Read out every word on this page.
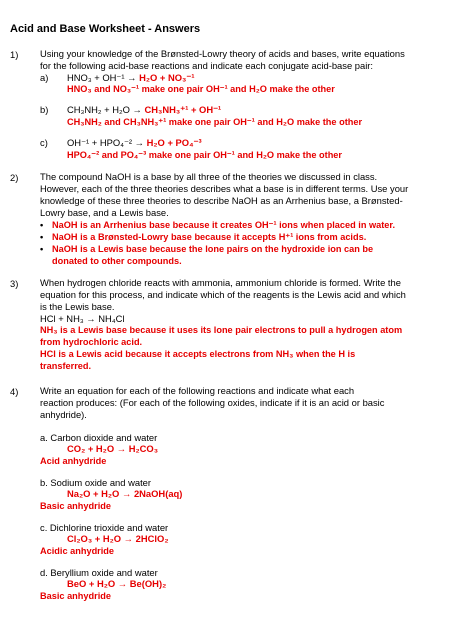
Acid and Base Worksheet - Answers
1) Using your knowledge of the Brønsted-Lowry theory of acids and bases, write equations
for the following acid-base reactions and indicate each conjugate acid-base pair:
a) HNO₃ + OH⁻¹ → H₂O + NO₃⁻¹
HNO₃ and NO₃⁻¹ make one pair OH⁻¹ and H₂O make the other
b) CH₃NH₂ + H₂O → CH₃NH₃⁺¹ + OH⁻¹
CH₃NH₂ and CH₃NH₃⁺¹ make one pair OH⁻¹ and H₂O make the other
c) OH⁻¹ + HPO₄⁻² → H₂O + PO₄⁻³
HPO₄⁻² and PO₄⁻³ make one pair OH⁻¹ and H₂O make the other
2) The compound NaOH is a base by all three of the theories we discussed in class.
However, each of the three theories describes what a base is in different terms. Use your
knowledge of these three theories to describe NaOH as an Arrhenius base, a Brønsted-
Lowry base, and a Lewis base.
• NaOH is an Arrhenius base because it creates OH⁻¹ ions when placed in water.
• NaOH is a Brønsted-Lowry base because it accepts H⁺¹ ions from acids.
• NaOH is a Lewis base because the lone pairs on the hydroxide ion can be
donated to other compounds.
3) When hydrogen chloride reacts with ammonia, ammonium chloride is formed. Write the
equation for this process, and indicate which of the reagents is the Lewis acid and which
is the Lewis base.
HCl + NH₃ → NH₄Cl
NH₃ is a Lewis base because it uses its lone pair electrons to pull a hydrogen atom
from hydrochloric acid.
HCl is a Lewis acid because it accepts electrons from NH₃ when the H is
transferred.
4) Write an equation for each of the following reactions and indicate what each
reaction produces: (For each of the following oxides, indicate if it is an acid or basic
anhydride).
a. Carbon dioxide and water
CO₂ + H₂O → H₂CO₃
Acid anhydride
b. Sodium oxide and water
Na₂O + H₂O → 2NaOH(aq)
Basic anhydride
c. Dichlorine trioxide and water
Cl₂O₃ + H₂O → 2HClO₂
Acidic anhydride
d. Beryllium oxide and water
BeO + H₂O → Be(OH)₂
Basic anhydride
